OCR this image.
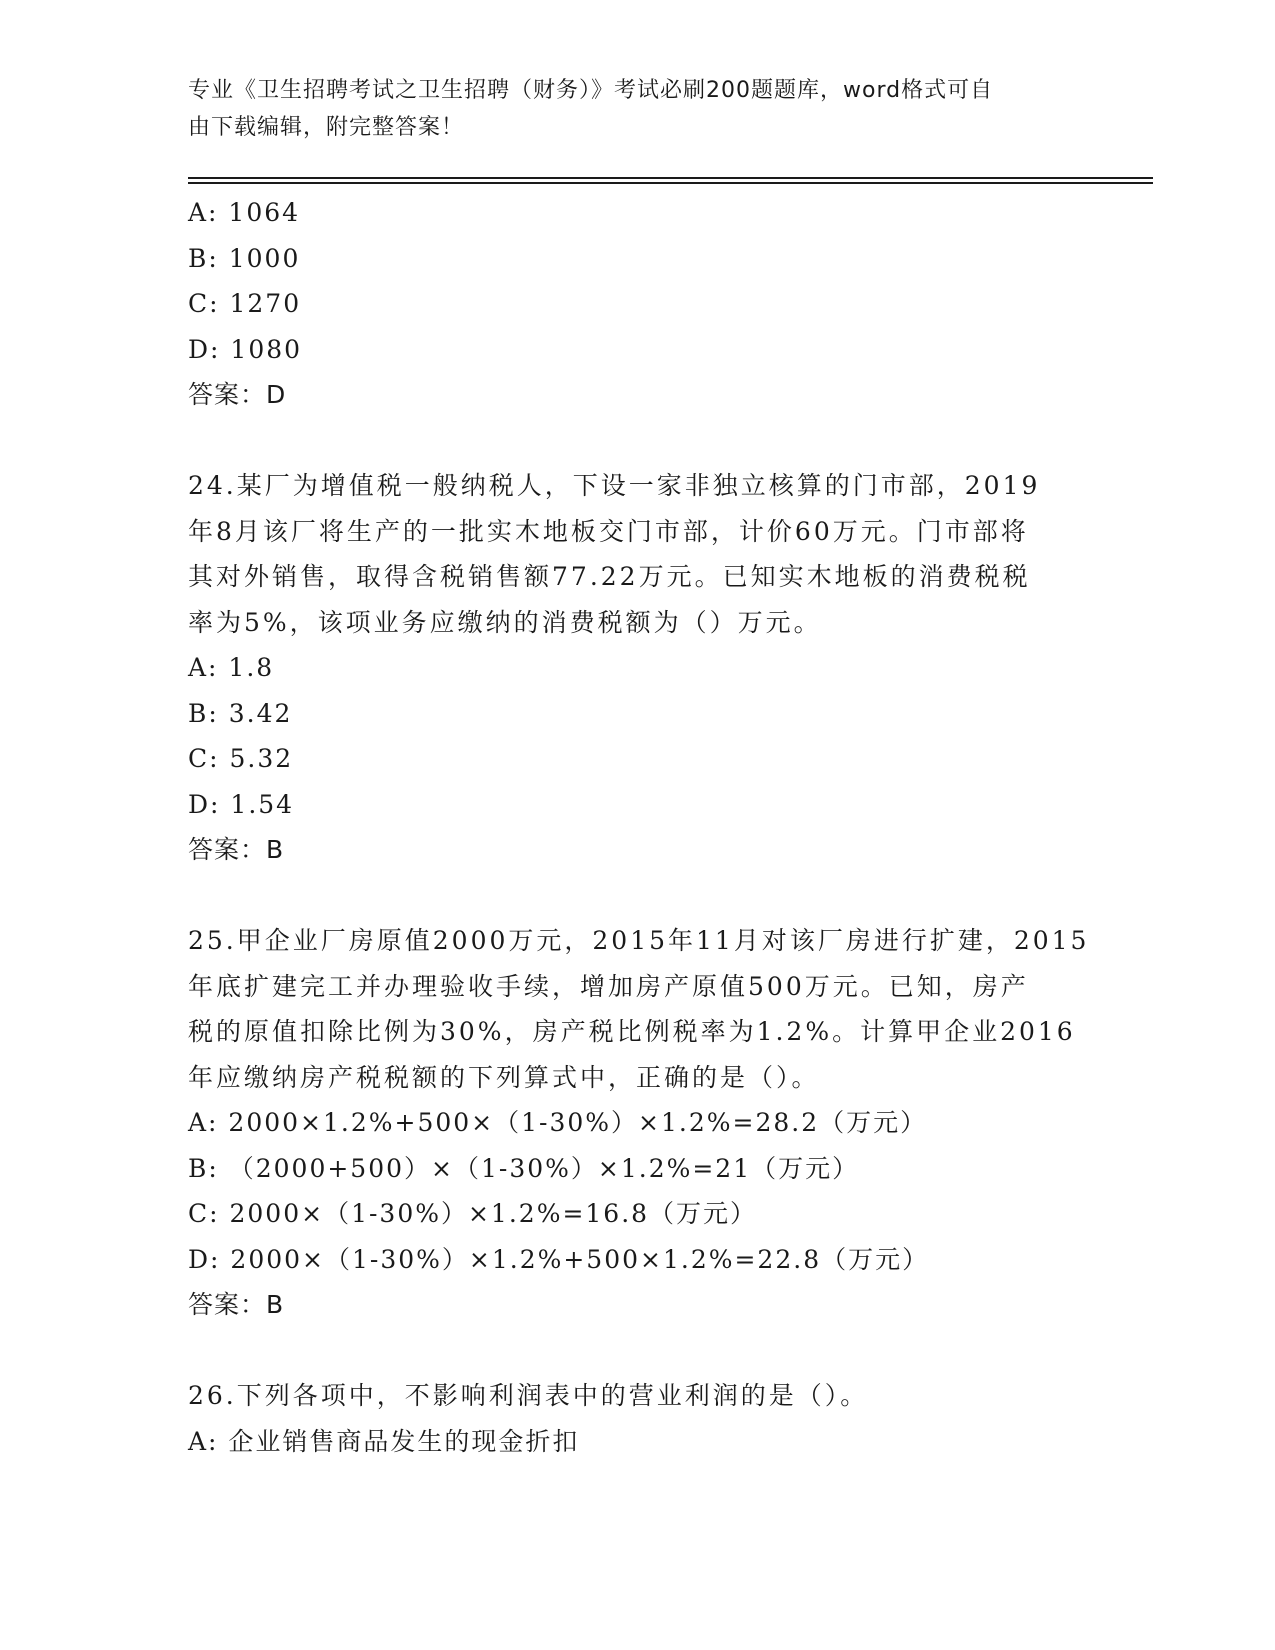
专业《卫生招聘考试之卫生招聘（财务）》考试必刷200题题库，word格式可自
由下载编辑，附完整答案！
A: 1064
B: 1000
C: 1270
D: 1080
答案：D
24.某厂为增值税一般纳税人，下设一家非独立核算的门市部，2019
年8月该厂将生产的一批实木地板交门市部，计价60万元。门市部将
其对外销售，取得含税销售额77.22万元。已知实木地板的消费税税
率为5%，该项业务应缴纳的消费税额为（）万元。
A: 1.8
B: 3.42
C: 5.32
D: 1.54
答案：B
25.甲企业厂房原值2000万元，2015年11月对该厂房进行扩建，2015
年底扩建完工并办理验收手续，增加房产原值500万元。已知，房产
税的原值扣除比例为30%，房产税比例税率为1.2%。计算甲企业2016
年应缴纳房产税税额的下列算式中，正确的是（）。
A: 2000×1.2%+500×（1-30%）×1.2%=28.2（万元）
B: （2000+500）×（1-30%）×1.2%=21（万元）
C: 2000×（1-30%）×1.2%=16.8（万元）
D: 2000×（1-30%）×1.2%+500×1.2%=22.8（万元）
答案：B
26.下列各项中，不影响利润表中的营业利润的是（）。
A: 企业销售商品发生的现金折扣
